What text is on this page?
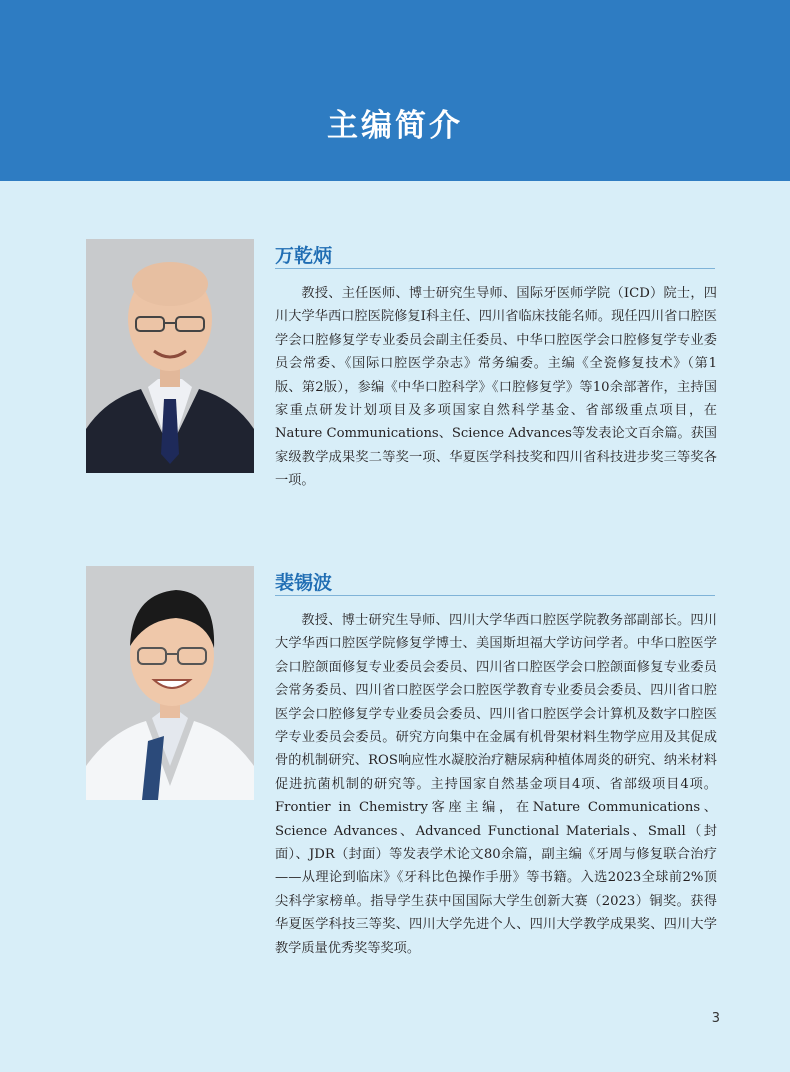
主编简介
万乾炳

教授、主任医师、博士研究生导师、国际牙医师学院（ICD）院士，四川大学华西口腔医院修复Ⅰ科主任、四川省临床技能名师。现任四川省口腔医学会口腔修复学专业委员会副主任委员、中华口腔医学会口腔修复学专业委员会常委、《国际口腔医学杂志》常务编委。主编《全瓷修复技术》（第1版、第2版），参编《中华口腔科学》《口腔修复学》等10余部著作，主持国家重点研发计划项目及多项国家自然科学基金、省部级重点项目，在Nature Communications、Science Advances等发表论文百余篇。获国家级教学成果奖二等奖一项、华夏医学科技奖和四川省科技进步奖三等奖各一项。

裴锡波

教授、博士研究生导师、四川大学华西口腔医学院教务部副部长。四川大学华西口腔医学院修复学博士、美国斯坦福大学访问学者。中华口腔医学会口腔颌面修复专业委员会委员、四川省口腔医学会口腔颌面修复专业委员会常务委员、四川省口腔医学会口腔医学教育专业委员会委员、四川省口腔医学会口腔修复学专业委员会委员、四川省口腔医学会计算机及数字口腔医学专业委员会委员。研究方向集中在金属有机骨架材料生物学应用及其促成骨的机制研究、ROS响应性水凝胶治疗糖尿病种植体周炎的研究、纳米材料促进抗菌机制的研究等。主持国家自然基金项目4项、省部级项目4项。Frontier in Chemistry客座主编，在Nature Communications、Science Advances、Advanced Functional Materials、Small（封面）、JDR（封面）等发表学术论文80余篇，副主编《牙周与修复联合治疗——从理论到临床》《牙科比色操作手册》等书籍。入选2023全球前2%顶尖科学家榜单。指导学生获中国国际大学生创新大赛（2023）铜奖。获得华夏医学科技三等奖、四川大学先进个人、四川大学教学成果奖、四川大学教学质量优秀奖等奖项。

3
